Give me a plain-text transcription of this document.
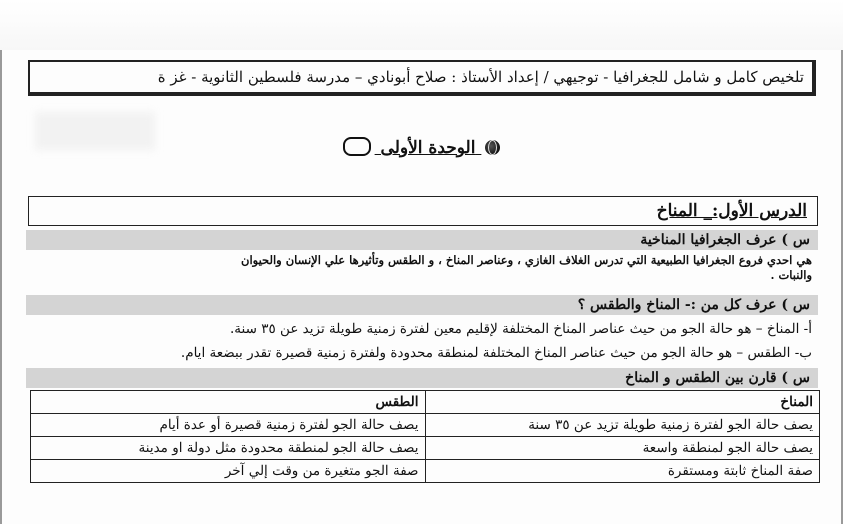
تلخيص كامل و شامل للجغرافيا - توجيهي / إعداد الأستاذ : صلاح أبونادي – مدرسة فلسطين الثانوية - غز ة
الوحدة الأولى
الدرس الأول:_ المناخ
س ) عرف الجغرافيا المناخية
هي احدي فروع الجغرافيا الطبيعية التي تدرس الغلاف الغازي ، وعناصر المناخ ، و الطقس وتأثيرها علي الإنسان والحيوان
والنبات .
س ) عرف كل من :- المناخ والطقس ؟
أ- المناخ – هو حالة الجو من حيث عناصر المناخ المختلفة لإقليم معين لفترة زمنية طويلة تزيد عن ٣٥ سنة.
ب- الطقس – هو حالة الجو من حيث عناصر المناخ المختلفة لمنطقة محدودة ولفترة زمنية قصيرة تقدر ببضعة ايام.
س ) قارن بين الطقس و المناخ
المناخ	الطقس
يصف حالة الجو لفترة زمنية طويلة تزيد عن ٣٥ سنة	يصف حالة الجو لفترة زمنية قصيرة أو عدة أيام
يصف حالة الجو لمنطقة واسعة	يصف حالة الجو لمنطقة محدودة مثل دولة او مدينة
صفة المناخ ثابتة ومستقرة	صفة الجو متغيرة من وقت إلي آخر
